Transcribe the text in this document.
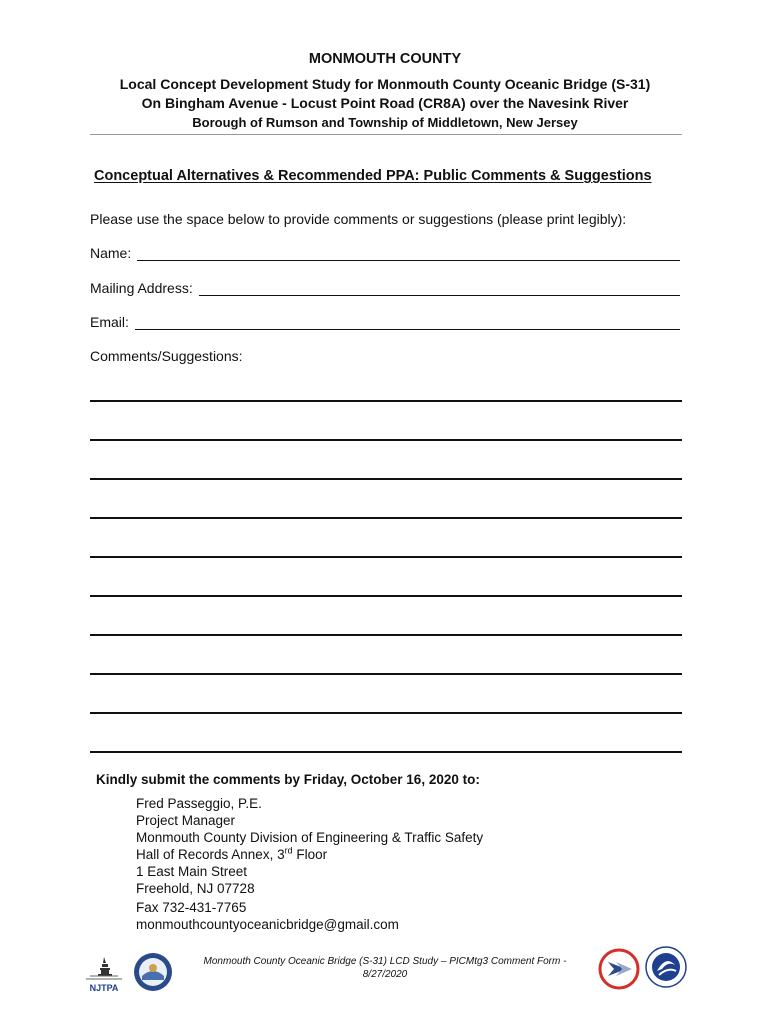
MONMOUTH COUNTY
Local Concept Development Study for Monmouth County Oceanic Bridge (S-31)
On Bingham Avenue - Locust Point Road (CR8A) over the Navesink River
Borough of Rumson and Township of Middletown, New Jersey
Conceptual Alternatives & Recommended PPA: Public Comments & Suggestions
Please use the space below to provide comments or suggestions (please print legibly):
Name:
Mailing Address:
Email:
Comments/Suggestions:
Kindly submit the comments by Friday, October 16, 2020 to:
Fred Passeggio, P.E.
Project Manager
Monmouth County Division of Engineering & Traffic Safety
Hall of Records Annex, 3rd Floor
1 East Main Street
Freehold, NJ 07728
Fax 732-431-7765
monmouthcountyoceanicbridge@gmail.com
Monmouth County Oceanic Bridge (S-31) LCD Study – PICMtg3 Comment Form -
8/27/2020
NJTPA
